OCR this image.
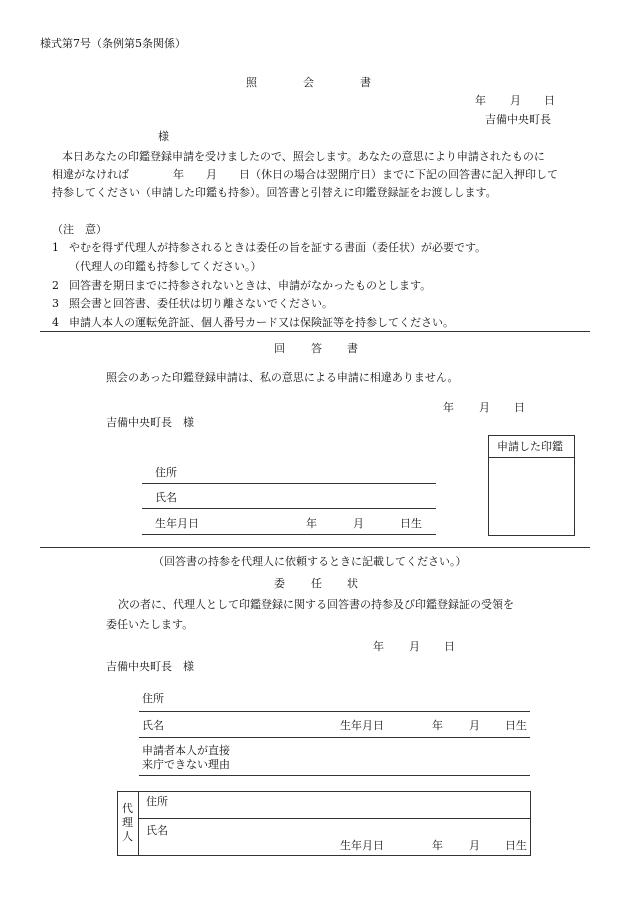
様式第7号（条例第5条関係）
照	会	書
年 月 日
吉備中央町長
様
本日あなたの印鑑登録申請を受けましたので、照会します。あなたの意思により申請されたものに
相違がなければ　　　　年　　月　　日（休日の場合は翌開庁日）までに下記の回答書に記入押印して
持参してください（申請した印鑑も持参）。回答書と引替えに印鑑登録証をお渡しします。
（注　意）
1 やむを得ず代理人が持参されるときは委任の旨を証する書面（委任状）が必要です。
（代理人の印鑑も持参してください。）
2 回答書を期日までに持参されないときは、申請がなかったものとします。
3 照会書と回答書、委任状は切り離さないでください。
4 申請人本人の運転免許証、個人番号カード又は保険証等を持参してください。
回 答 書
照会のあった印鑑登録申請は、私の意思による申請に相違ありません。
年 月 日
吉備中央町長　様
申請した印鑑
住所
氏名
生年月日	年	月	日生
（回答書の持参を代理人に依頼するときに記載してください。）
委 任 状
次の者に、代理人として印鑑登録に関する回答書の持参及び印鑑登録証の受領を
委任いたします。
年 月 日
吉備中央町長　様
住所
氏名	生年月日	年 月 日生
申請者本人が直接
来庁できない理由
代
理
人
住所
氏名
生年月日	年 月 日生
